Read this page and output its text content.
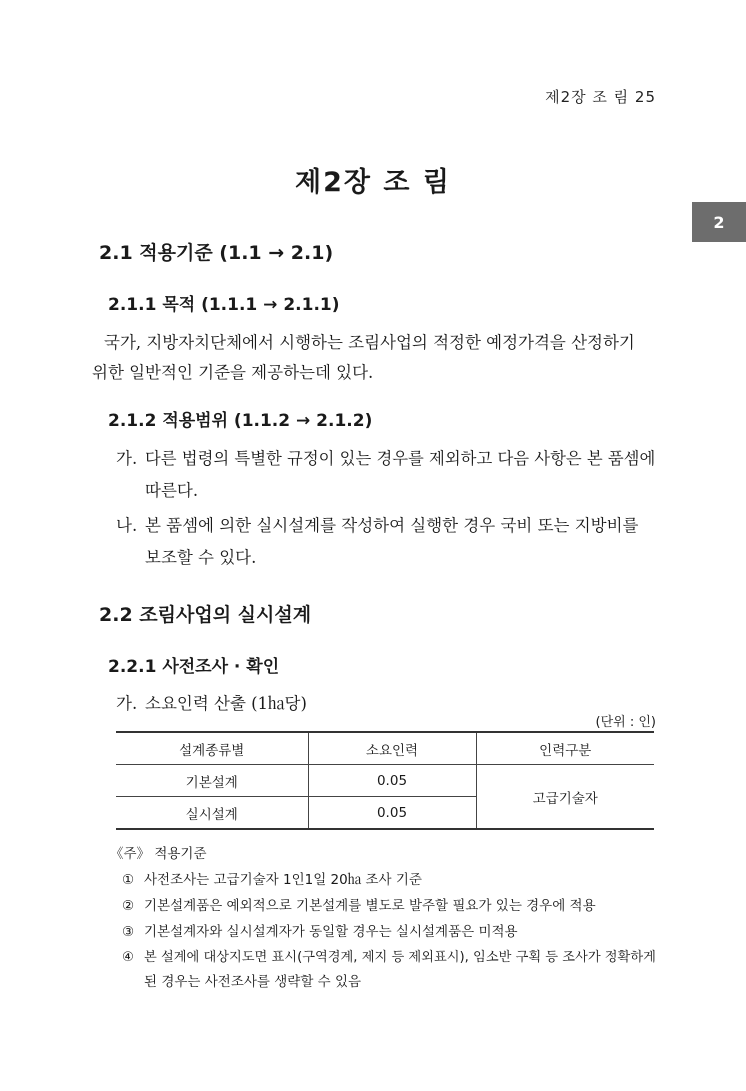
제2장 조 림 25
2
제2장 조 림
2.1 적용기준 (1.1 → 2.1)
2.1.1 목적 (1.1.1 → 2.1.1)
국가, 지방자치단체에서 시행하는 조림사업의 적정한 예정가격을 산정하기
위한 일반적인 기준을 제공하는데 있다.
2.1.2 적용범위 (1.1.2 → 2.1.2)
가. 다른 법령의 특별한 규정이 있는 경우를 제외하고 다음 사항은 본 품셈에
따른다.
나. 본 품셈에 의한 실시설계를 작성하여 실행한 경우 국비 또는 지방비를
보조할 수 있다.
2.2 조림사업의 실시설계
2.2.1 사전조사 · 확인
가. 소요인력 산출 (1㏊당)
(단위 : 인)
설계종류별	소요인력	인력구분
기본설계	0.05	고급기술자
실시설계	0.05	
《주》 적용기준
① 사전조사는 고급기술자 1인1일 20㏊ 조사 기준
② 기본설계품은 예외적으로 기본설계를 별도로 발주할 필요가 있는 경우에 적용
③ 기본설계자와 실시설계자가 동일할 경우는 실시설계품은 미적용
④ 본 설계에 대상지도면 표시(구역경계, 제지 등 제외표시), 임소반 구획 등 조사가 정확하게
된 경우는 사전조사를 생략할 수 있음
